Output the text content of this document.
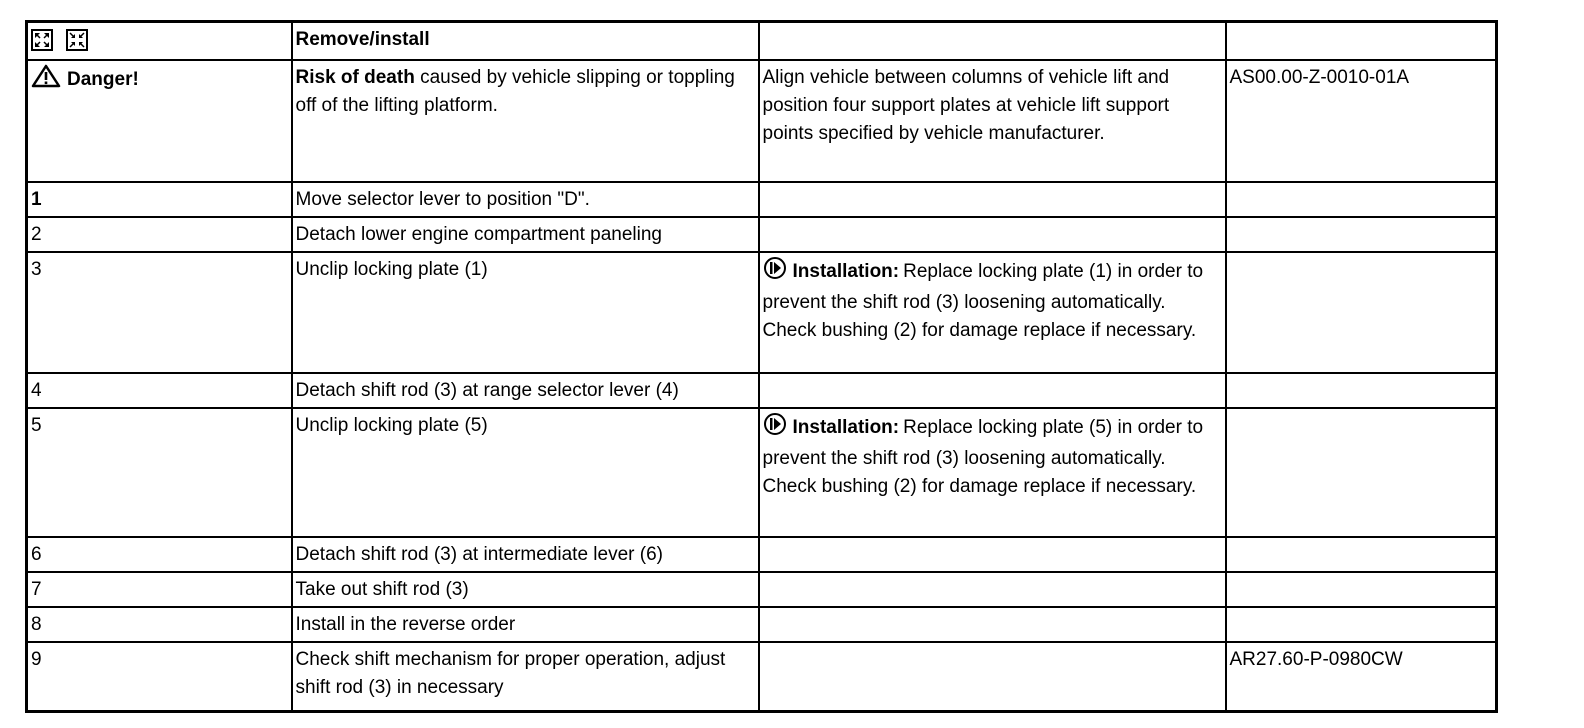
	Remove/install		
Danger!	Risk of death caused by vehicle slipping or toppling off of the lifting platform.	Align vehicle between columns of vehicle lift and position four support plates at vehicle lift support points specified by vehicle manufacturer.	AS00.00-Z-0010-01A
1	Move selector lever to position "D".		
2	Detach lower engine compartment paneling		
3	Unclip locking plate (1)	Installation: Replace locking plate (1) in order to prevent the shift rod (3) loosening automatically. Check bushing (2) for damage replace if necessary.	
4	Detach shift rod (3) at range selector lever (4)		
5	Unclip locking plate (5)	Installation: Replace locking plate (5) in order to prevent the shift rod (3) loosening automatically. Check bushing (2) for damage replace if necessary.	
6	Detach shift rod (3) at intermediate lever (6)		
7	Take out shift rod (3)		
8	Install in the reverse order		
9	Check shift mechanism for proper operation, adjust shift rod (3) in necessary		AR27.60-P-0980CW
